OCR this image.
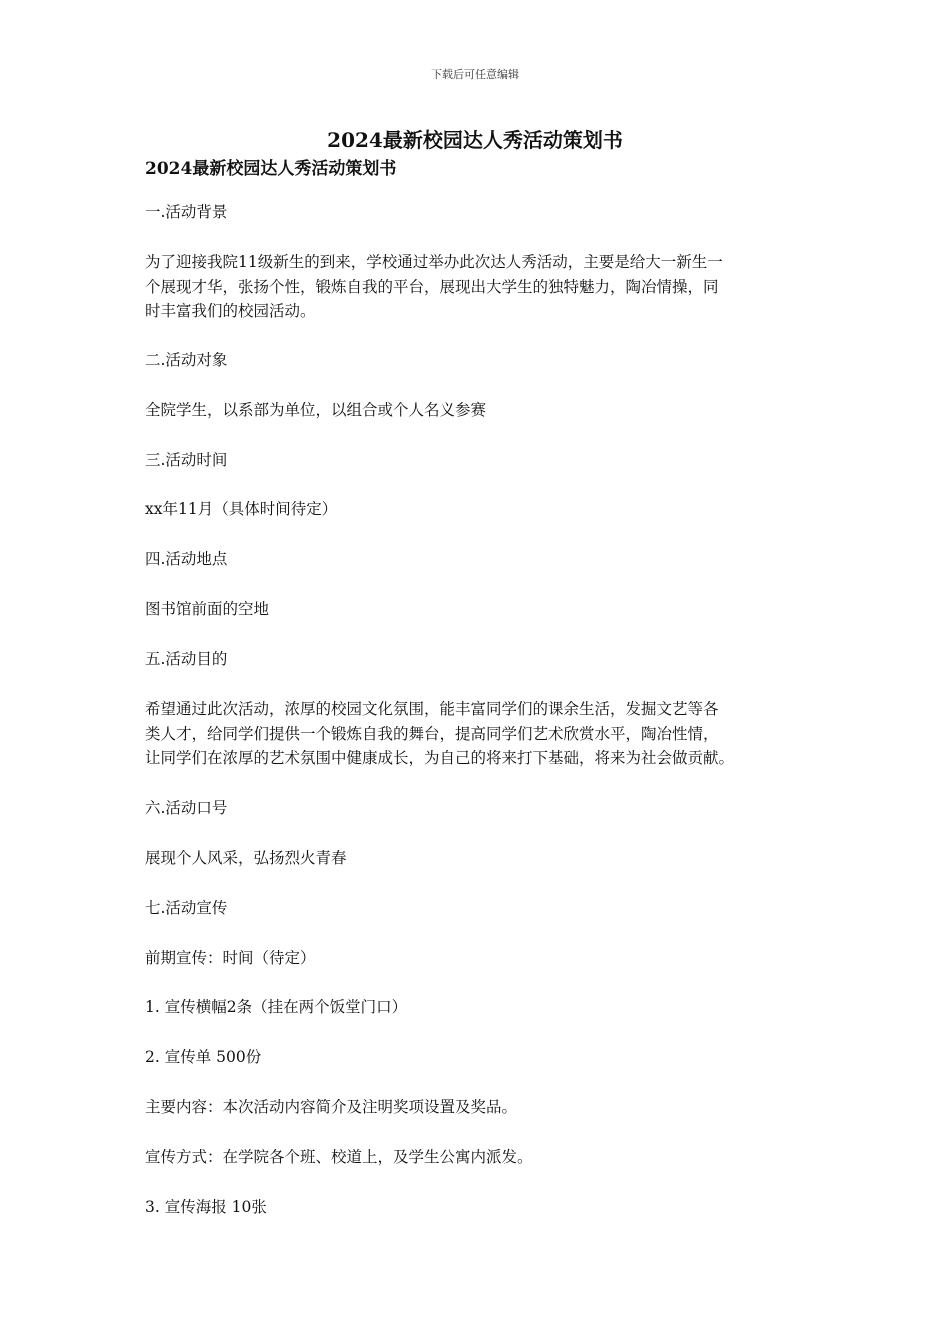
下载后可任意编辑
2024最新校园达人秀活动策划书
2024最新校园达人秀活动策划书

一.活动背景

为了迎接我院11级新生的到来，学校通过举办此次达人秀活动，主要是给大一新生一
个展现才华，张扬个性，锻炼自我的平台，展现出大学生的独特魅力，陶冶情操，同
时丰富我们的校园活动。

二.活动对象

全院学生，以系部为单位，以组合或个人名义参赛

三.活动时间

xx年11月（具体时间待定）

四.活动地点

图书馆前面的空地

五.活动目的

希望通过此次活动，浓厚的校园文化氛围，能丰富同学们的课余生活，发掘文艺等各
类人才，给同学们提供一个锻炼自我的舞台，提高同学们艺术欣赏水平，陶冶性情，
让同学们在浓厚的艺术氛围中健康成长，为自己的将来打下基础，将来为社会做贡献。

六.活动口号

展现个人风采，弘扬烈火青春

七.活动宣传

前期宣传：时间（待定）

1. 宣传横幅2条（挂在两个饭堂门口）

2. 宣传单 500份

主要内容：本次活动内容简介及注明奖项设置及奖品。

宣传方式：在学院各个班、校道上，及学生公寓内派发。

3. 宣传海报 10张
